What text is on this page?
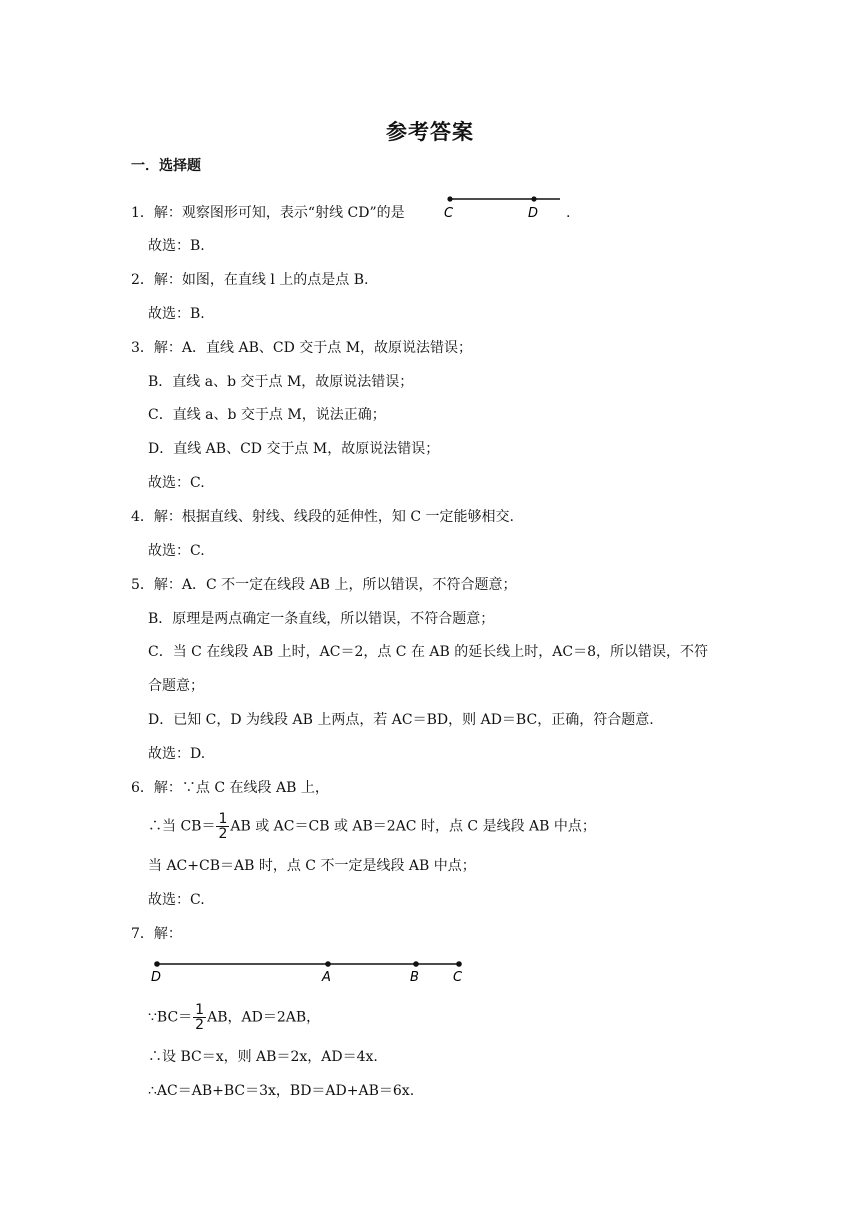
参考答案
一．选择题
1．解：观察图形可知，表示“射线 CD”的是	C	D .
故选：B.
2．解：如图，在直线 l 上的点是点 B.
故选：B.
3．解：A．直线 AB、CD 交于点 M，故原说法错误；
B．直线 a、b 交于点 M，故原说法错误；
C．直线 a、b 交于点 M，说法正确；
D．直线 AB、CD 交于点 M，故原说法错误；
故选：C.
4．解：根据直线、射线、线段的延伸性，知 C 一定能够相交.
故选：C.
5．解：A．C 不一定在线段 AB 上，所以错误，不符合题意；
B．原理是两点确定一条直线，所以错误，不符合题意；
C．当 C 在线段 AB 上时，AC＝2，点 C 在 AB 的延长线上时，AC＝8，所以错误，不符
合题意；
D．已知 C，D 为线段 AB 上两点，若 AC＝BD，则 AD＝BC，正确，符合题意.
故选：D.
6．解：∵点 C 在线段 AB 上，
∴当 $CB= \frac{1}{2}$ AB 或 AC＝CB 或 AB＝2AC 时，点 C 是线段 AB 中点；
当 AC+CB＝AB 时，点 C 不一定是线段 AB 中点；
故选：C.
7．解：
D	A	B	C
∵BC＝ $\frac{1}{2}$ AB，AD＝2AB，
∴设 BC＝x，则 AB＝2x，AD＝4x.
∴AC＝AB+BC＝3x，BD＝AD+AB＝6x.
